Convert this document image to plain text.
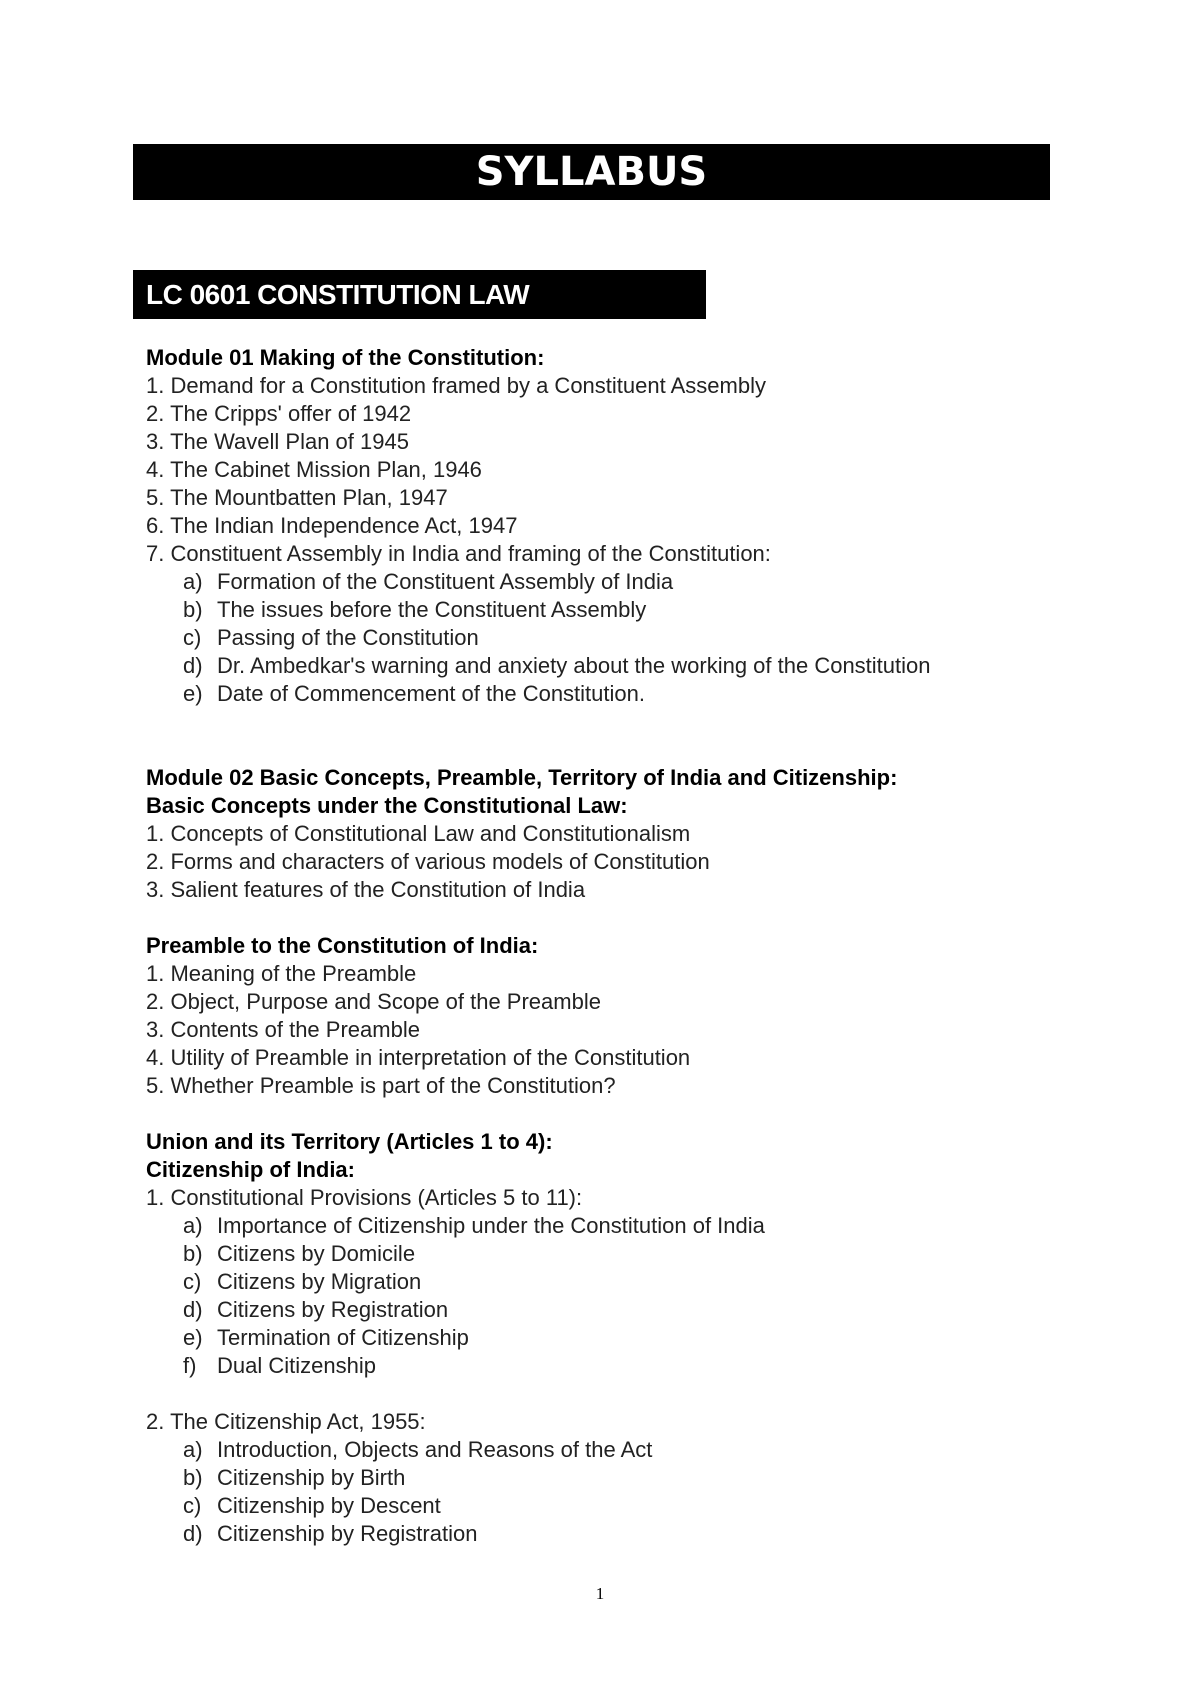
SYLLABUS
LC 0601 CONSTITUTION LAW
Module 01 Making of the Constitution:
1. Demand for a Constitution framed by a Constituent Assembly
2. The Cripps' offer of 1942
3. The Wavell Plan of 1945
4. The Cabinet Mission Plan, 1946
5. The Mountbatten Plan, 1947
6. The Indian Independence Act, 1947
7. Constituent Assembly in India and framing of the Constitution:
a) Formation of the Constituent Assembly of India
b) The issues before the Constituent Assembly
c) Passing of the Constitution
d) Dr. Ambedkar's warning and anxiety about the working of the Constitution
e) Date of Commencement of the Constitution.
Module 02 Basic Concepts, Preamble, Territory of India and Citizenship:
Basic Concepts under the Constitutional Law:
1. Concepts of Constitutional Law and Constitutionalism
2. Forms and characters of various models of Constitution
3. Salient features of the Constitution of India
Preamble to the Constitution of India:
1. Meaning of the Preamble
2. Object, Purpose and Scope of the Preamble
3. Contents of the Preamble
4. Utility of Preamble in interpretation of the Constitution
5. Whether Preamble is part of the Constitution?
Union and its Territory (Articles 1 to 4):
Citizenship of India:
1. Constitutional Provisions (Articles 5 to 11):
a) Importance of Citizenship under the Constitution of India
b) Citizens by Domicile
c) Citizens by Migration
d) Citizens by Registration
e) Termination of Citizenship
f) Dual Citizenship
2. The Citizenship Act, 1955:
a) Introduction, Objects and Reasons of the Act
b) Citizenship by Birth
c) Citizenship by Descent
d) Citizenship by Registration
1
